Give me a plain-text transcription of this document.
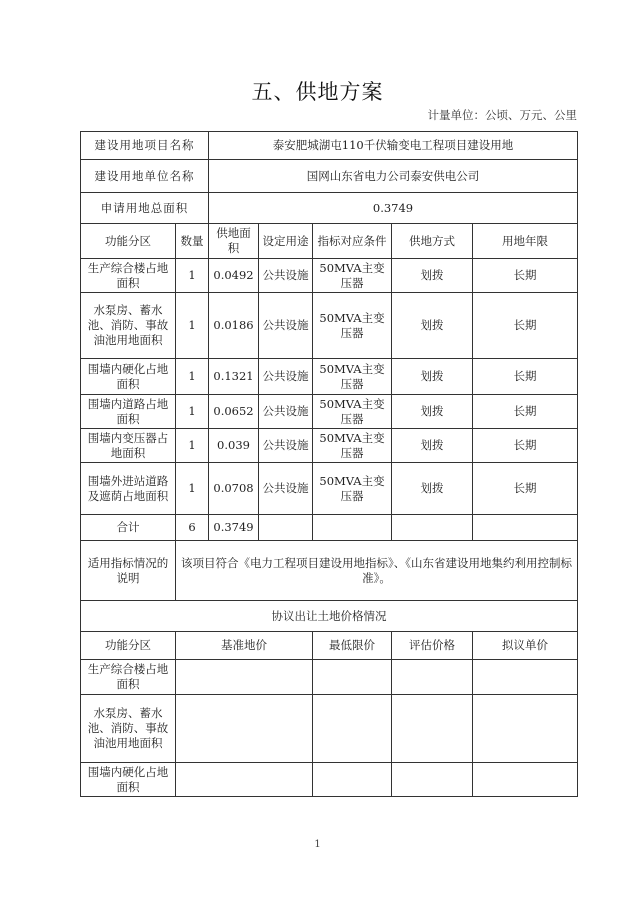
五、供地方案
计量单位：公顷、万元、公里
建设用地项目名称		泰安肥城湖屯110千伏输变电工程项目建设用地				
建设用地单位名称		国网山东省电力公司泰安供电公司				
申请用地总面积		0.3749				
功能分区	数量	供地面积	设定用途	指标对应条件	供地方式	用地年限
生产综合楼占地面积	1	0.0492	公共设施	50MVA主变压器	划拨	长期
水泵房、蓄水池、消防、事故油池用地面积	1	0.0186	公共设施	50MVA主变压器	划拨	长期
围墙内硬化占地面积	1	0.1321	公共设施	50MVA主变压器	划拨	长期
围墙内道路占地面积	1	0.0652	公共设施	50MVA主变压器	划拨	长期
围墙内变压器占地面积	1	0.039	公共设施	50MVA主变压器	划拨	长期
围墙外进站道路及遮荫占地面积	1	0.0708	公共设施	50MVA主变压器	划拨	长期
合计	6	0.3749				
适用指标情况的说明	该项目符合《电力工程项目建设用地指标》、《山东省建设用地集约利用控制标准》。					
协议出让土地价格情况						
功能分区	基准地价			最低限价	评估价格	拟议单价
生产综合楼占地面积						
水泵房、蓄水池、消防、事故油池用地面积						
围墙内硬化占地面积						
1
